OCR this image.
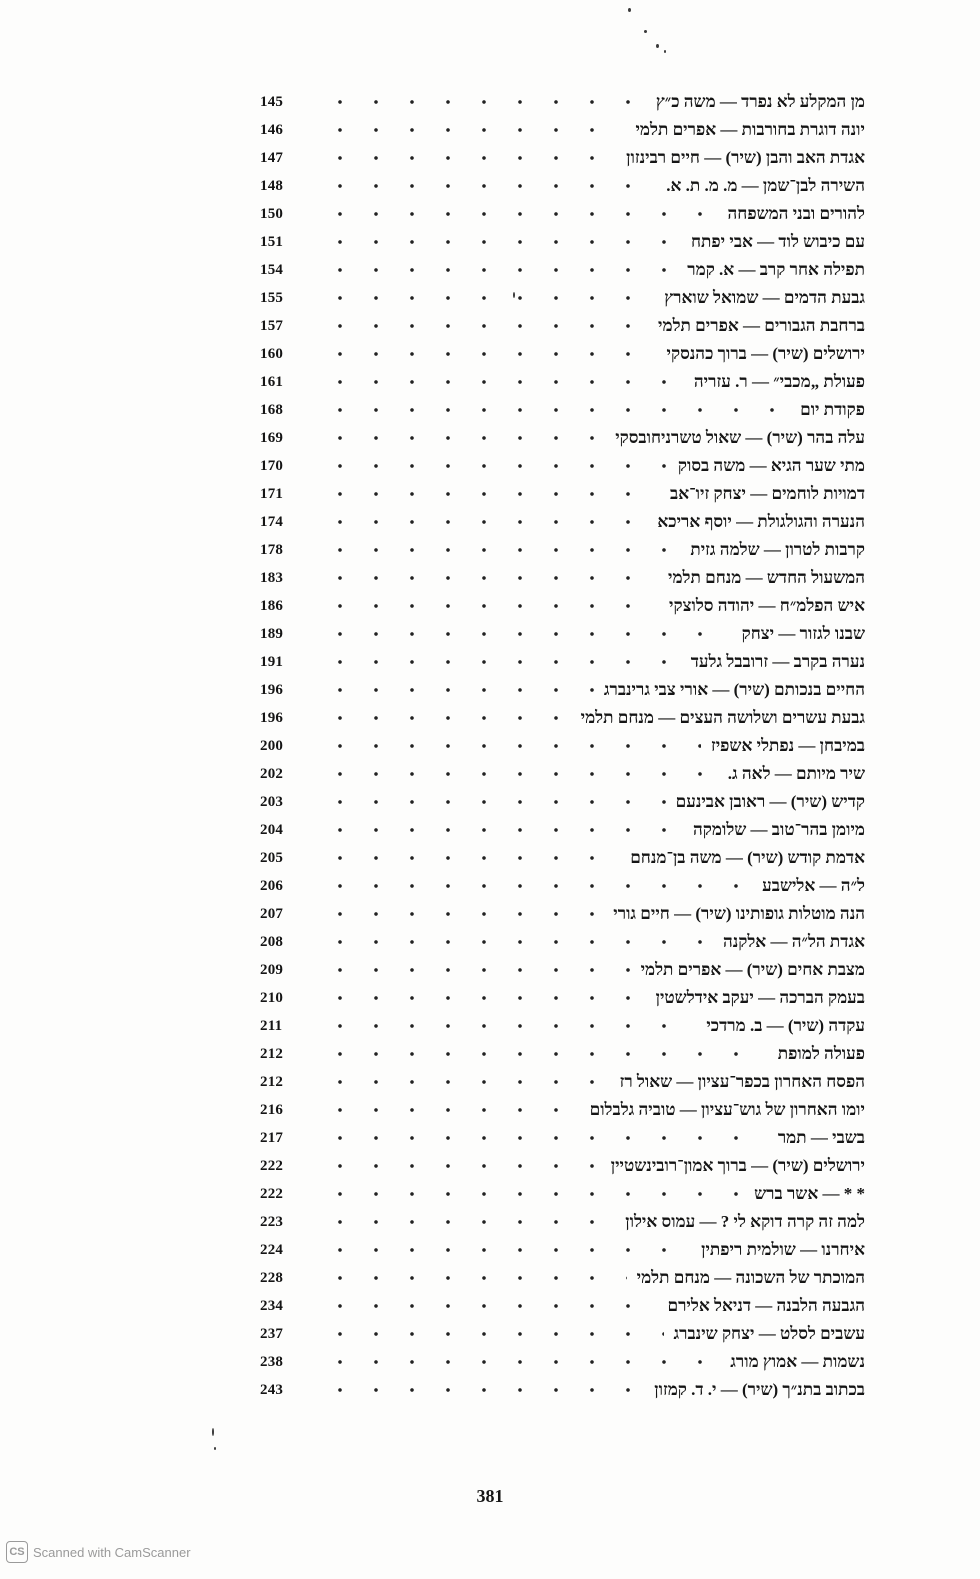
145	מן המקלע לא נפרד — משה כ״ץ
146	יונה דוגרת בחורבות — אפרים תלמי
147	אגדת האב והבן (שיר) — חיים רבינזון
148	השירה לבן־שמן — מ. מ. ת. א.
150	להורים ובני המשפחה
151	עם כיבוש לוד — אבי יפתח
154	תפילה אחר קרב — א. קמר
155	גבעת הדמים — שמואל שוארץ
157	ברחבת הגבורים — אפרים תלמי
160	ירושלים (שיר) — ברוך כהנסקי
161	פעולת „מכבי״ — ר. עזריה
168	פקודת יום
169	עלה בהר (שיר) — שאול טשרניחובסקי
170	מתי שער הגיא — משה בסוק
171	דמויות לוחמים — יצחק זיו־אב
174	הנערה והגולגולת — יוסף אריכא
178	קרבות לטרון — שלמה גזית
183	המשעול החדש — מנחם תלמי
186	איש הפלמ״ח — יהודה סלוצקי
189	שבנו לגזור — יצחק
191	נערה בקרב — זרובבל גלעד
196	החיים בנכותם (שיר) — אורי צבי גרינברג
196	גבעת עשרים ושלושה העצים — מנחם תלמי
200	במיבחן — נפתלי אשפיז
202	שיר מיותם — לאה ג.
203	קדיש (שיר) — ראובן אבינעם
204	מיומן בהר־טוב — שלומקה
205	אדמת קודש (שיר) — משה בן־מנחם
206	ל״ה — אלישבע
207	הנה מוטלות גופותינו (שיר) — חיים גורי
208	אגדת הל״ה — אלקנה
209	מצבת אחים (שיר) — אפרים תלמי
210	בעמק הברכה — יעקב אידלשטין
211	עקדה (שיר) — ב. מרדכי
212	פעולה למופת
212	הפסח האחרון בכפר־עציון — שאול רז
216	יומו האחרון של גוש־עציון — טוביה גלבלום
217	בשבי — תמר
222	ירושלים (שיר) — ברוך אמון־רובינשטיין
222	* * — אשר ברש
223	למה זה קרה דוקא לי ? — עמוס אילון
224	איחרנו — שולמית ריפתין
228	המוכתר של השכונה — מנחם תלמי
234	הגבעה הלבנה — דניאל אלירם
237	עשבים לסלט — יצחק שינברג
238	נשמות — אמוץ מורג
243	בכתוב בתנ״ך (שיר) — י. ד. קמזון
381
CS Scanned with CamScanner
